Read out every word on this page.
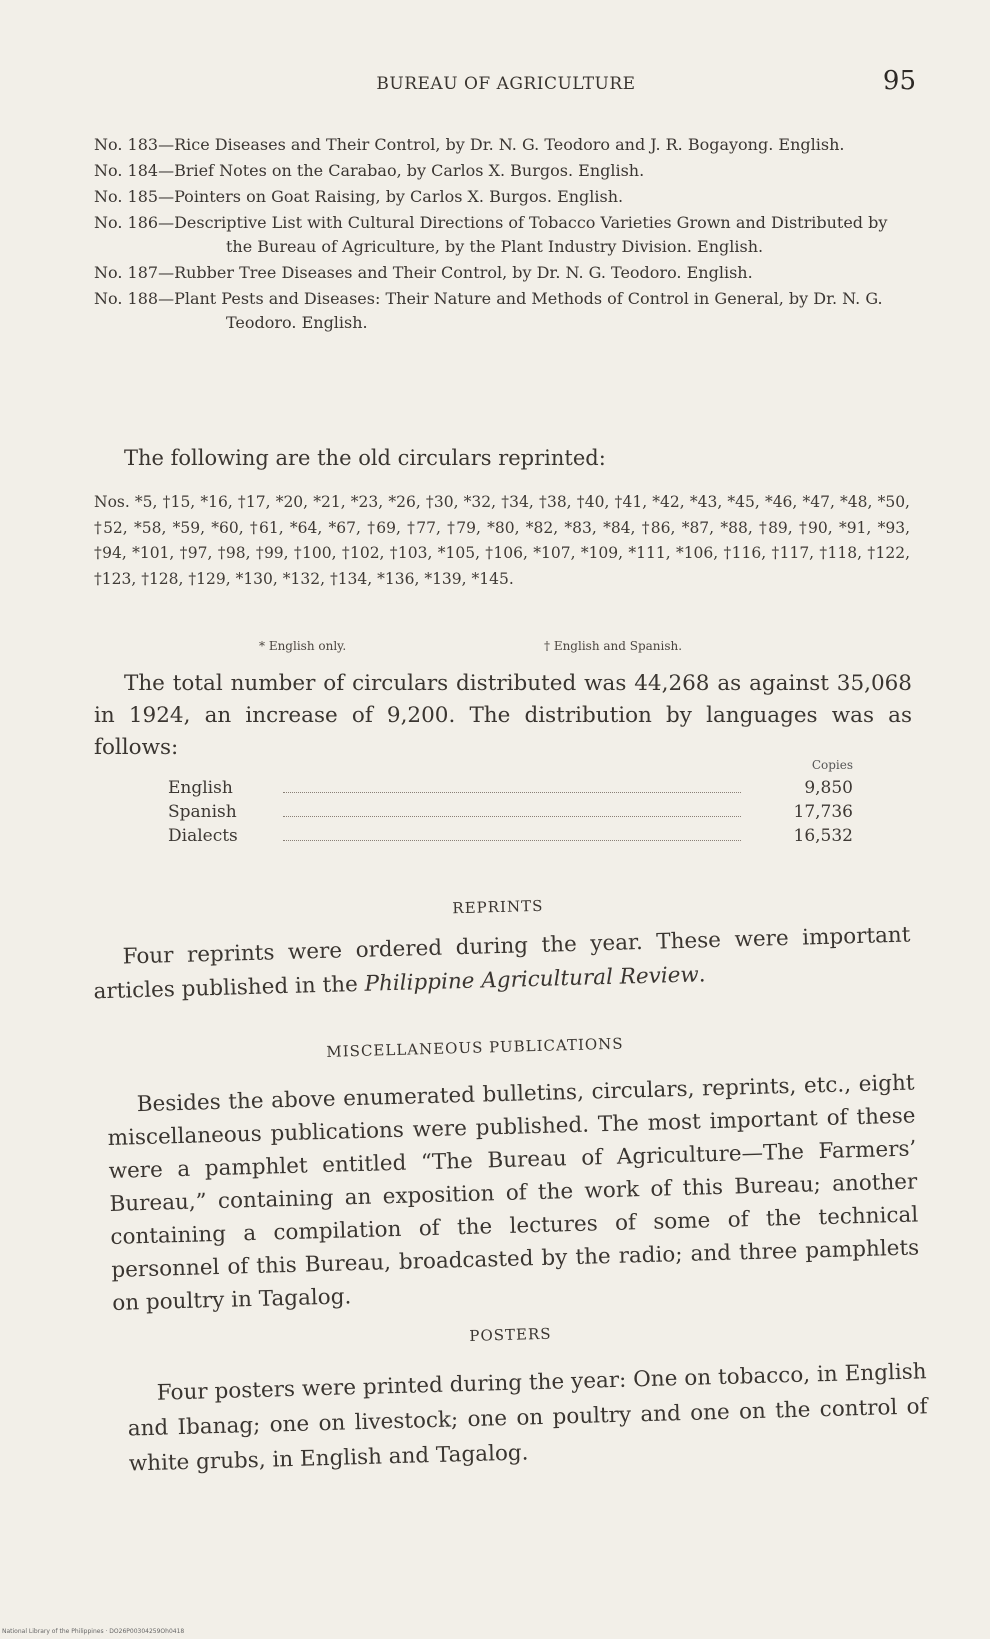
BUREAU OF AGRICULTURE	95
No. 183—Rice Diseases and Their Control, by Dr. N. G. Teodoro and J. R. Bogayong. English.
No. 184—Brief Notes on the Carabao, by Carlos X. Burgos. English.
No. 185—Pointers on Goat Raising, by Carlos X. Burgos. English.
No. 186—Descriptive List with Cultural Directions of Tobacco Varieties Grown and Distributed by the Bureau of Agriculture, by the Plant Industry Division. English.
No. 187—Rubber Tree Diseases and Their Control, by Dr. N. G. Teodoro. English.
No. 188—Plant Pests and Diseases: Their Nature and Methods of Control in General, by Dr. N. G. Teodoro. English.
The following are the old circulars reprinted:
Nos. *5, †15, *16, †17, *20, *21, *23, *26, †30, *32, †34, †38, †40, †41, *42, *43, *45, *46, *47, *48, *50, †52, *58, *59, *60, †61, *64, *67, †69, †77, †79, *80, *82, *83, *84, †86, *87, *88, †89, †90, *91, *93, †94, *101, †97, †98, †99, †100, †102, †103, *105, †106, *107, *109, *111, *106, †116, †117, †118, †122, †123, †128, †129, *130, *132, †134, *136, *139, *145.
* English only.	† English and Spanish.
The total number of circulars distributed was 44,268 as against 35,068 in 1924, an increase of 9,200. The distribution by languages was as follows:
Copies
English	9,850
Spanish	17,736
Dialects	16,532
REPRINTS
Four reprints were ordered during the year. These were important articles published in the Philippine Agricultural Review.
MISCELLANEOUS PUBLICATIONS
Besides the above enumerated bulletins, circulars, reprints, etc., eight miscellaneous publications were published. The most important of these were a pamphlet entitled “The Bureau of Agriculture—The Farmers’ Bureau,” containing an exposition of the work of this Bureau; another containing a compilation of the lectures of some of the technical personnel of this Bureau, broadcasted by the radio; and three pamphlets on poultry in Tagalog.
POSTERS
Four posters were printed during the year: One on tobacco, in English and Ibanag; one on livestock; one on poultry and one on the control of white grubs, in English and Tagalog.
National Library of the Philippines · DO26P00304259Oh0418
